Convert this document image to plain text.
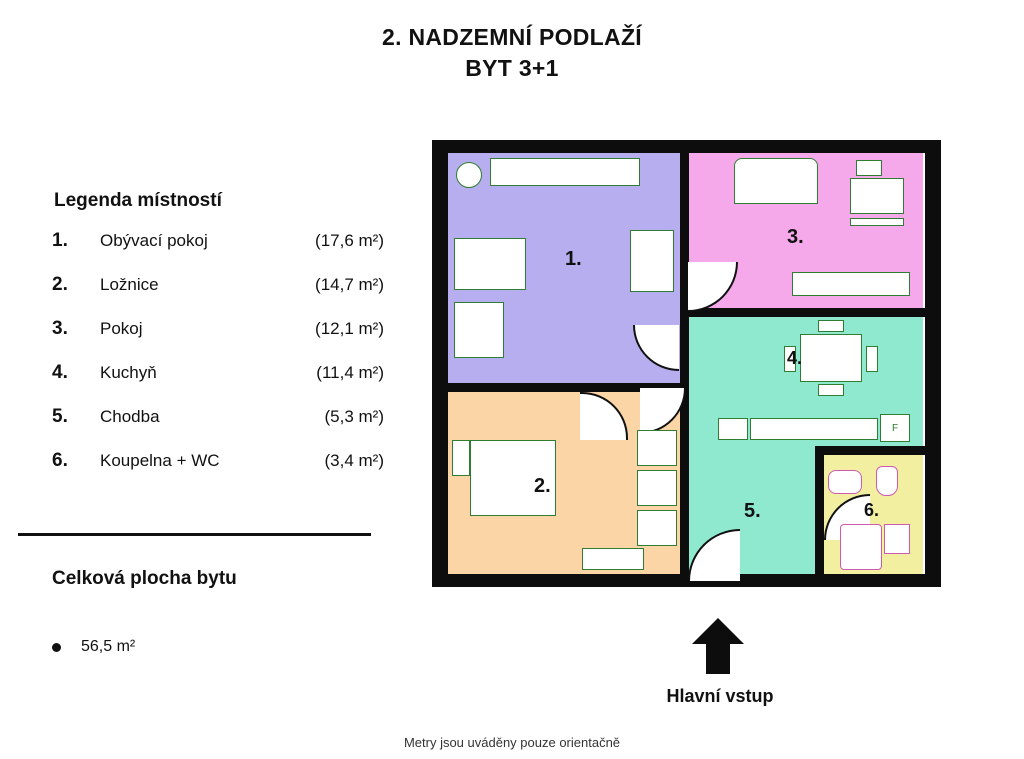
2. NADZEMNÍ PODLAŽÍ
BYT 3+1
Legenda místností
1.	Obývací pokoj	(17,6 m²)
2.	Ložnice	(14,7 m²)
3.	Pokoj	(12,1 m²)
4.	Kuchyň	(11,4 m²)
5.	Chodba	(5,3 m²)
6.	Koupelna + WC	(3,4 m²)
Celková plocha bytu
56,5 m²
F
1.
2.
3.
4.
5.	6.
Hlavní vstup
Metry jsou uváděny pouze orientačně
